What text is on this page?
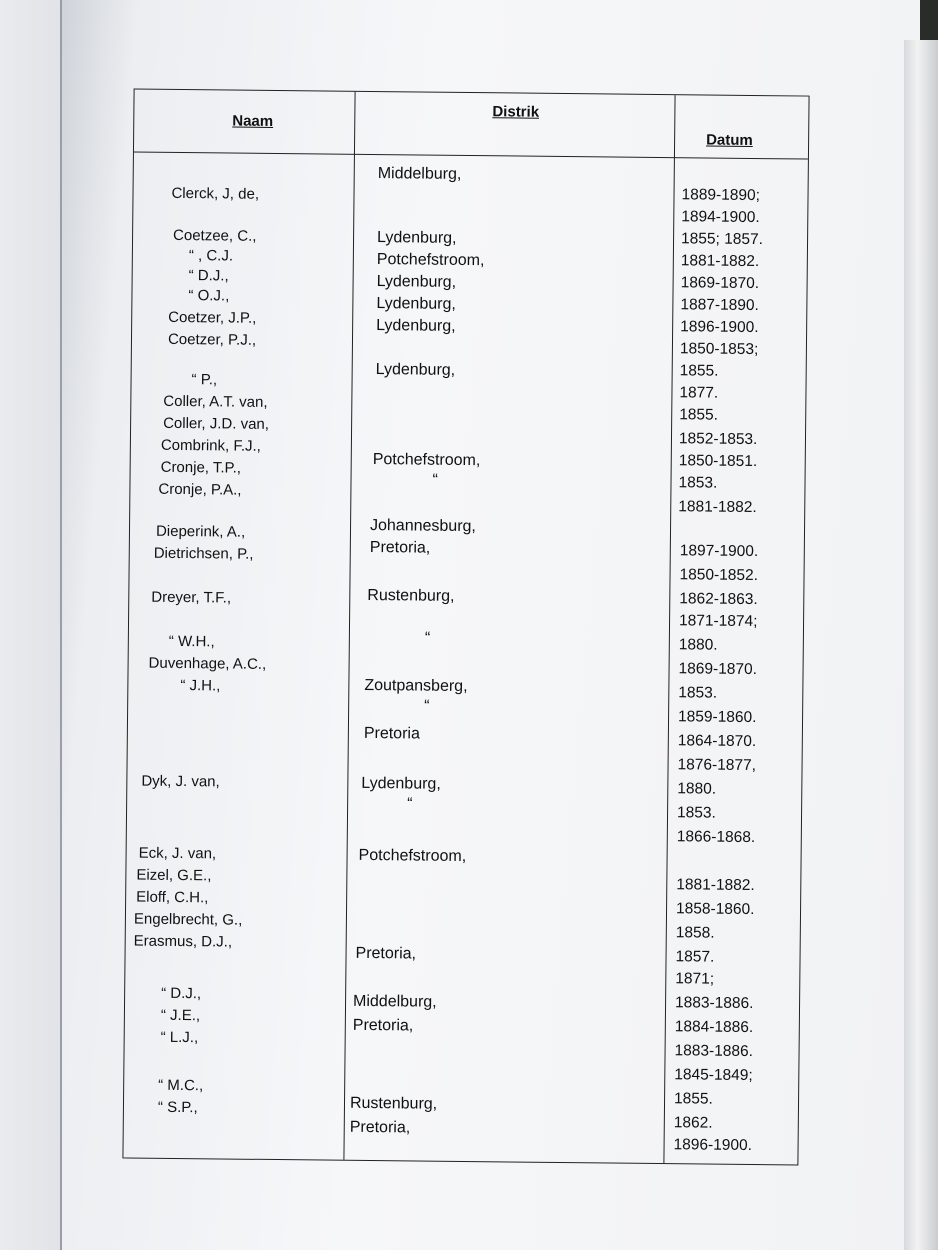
Naam
Distrik
Datum
Clerck, J, de,
Coetzee, C.,
“ , C.J.
“ D.J.,
“ O.J.,
Coetzer, J.P.,
Coetzer, P.J.,
“ P.,
Coller, A.T. van,
Coller, J.D. van,
Combrink, F.J.,
Cronje, T.P.,
Cronje, P.A.,
Dieperink, A.,
Dietrichsen, P.,
Dreyer, T.F.,
“ W.H.,
Duvenhage, A.C.,
“ J.H.,
Dyk, J. van,
Eck, J. van,
Eizel, G.E.,
Eloff, C.H.,
Engelbrecht, G.,
Erasmus, D.J.,
“ D.J.,
“ J.E.,
“ L.J.,
“ M.C.,
“ S.P.,
Middelburg,
Lydenburg,
Potchefstroom,
Lydenburg,
Lydenburg,
Lydenburg,
Lydenburg,
Potchefstroom,
“
Johannesburg,
Pretoria,
Rustenburg,
“
Zoutpansberg,
“
Pretoria
Lydenburg,
“
Potchefstroom,
Pretoria,
Middelburg,
Pretoria,
Rustenburg,
Pretoria,
1889-1890;
1894-1900.
1855; 1857.
1881-1882.
1869-1870.
1887-1890.
1896-1900.
1850-1853;
1855.
1877.
1855.
1852-1853.
1850-1851.
1853.
1881-1882.
1897-1900.
1850-1852.
1862-1863.
1871-1874;
1880.
1869-1870.
1853.
1859-1860.
1864-1870.
1876-1877,
1880.
1853.
1866-1868.
1881-1882.
1858-1860.
1858.
1857.
1871;
1883-1886.
1884-1886.
1883-1886.
1845-1849;
1855.
1862.
1896-1900.
